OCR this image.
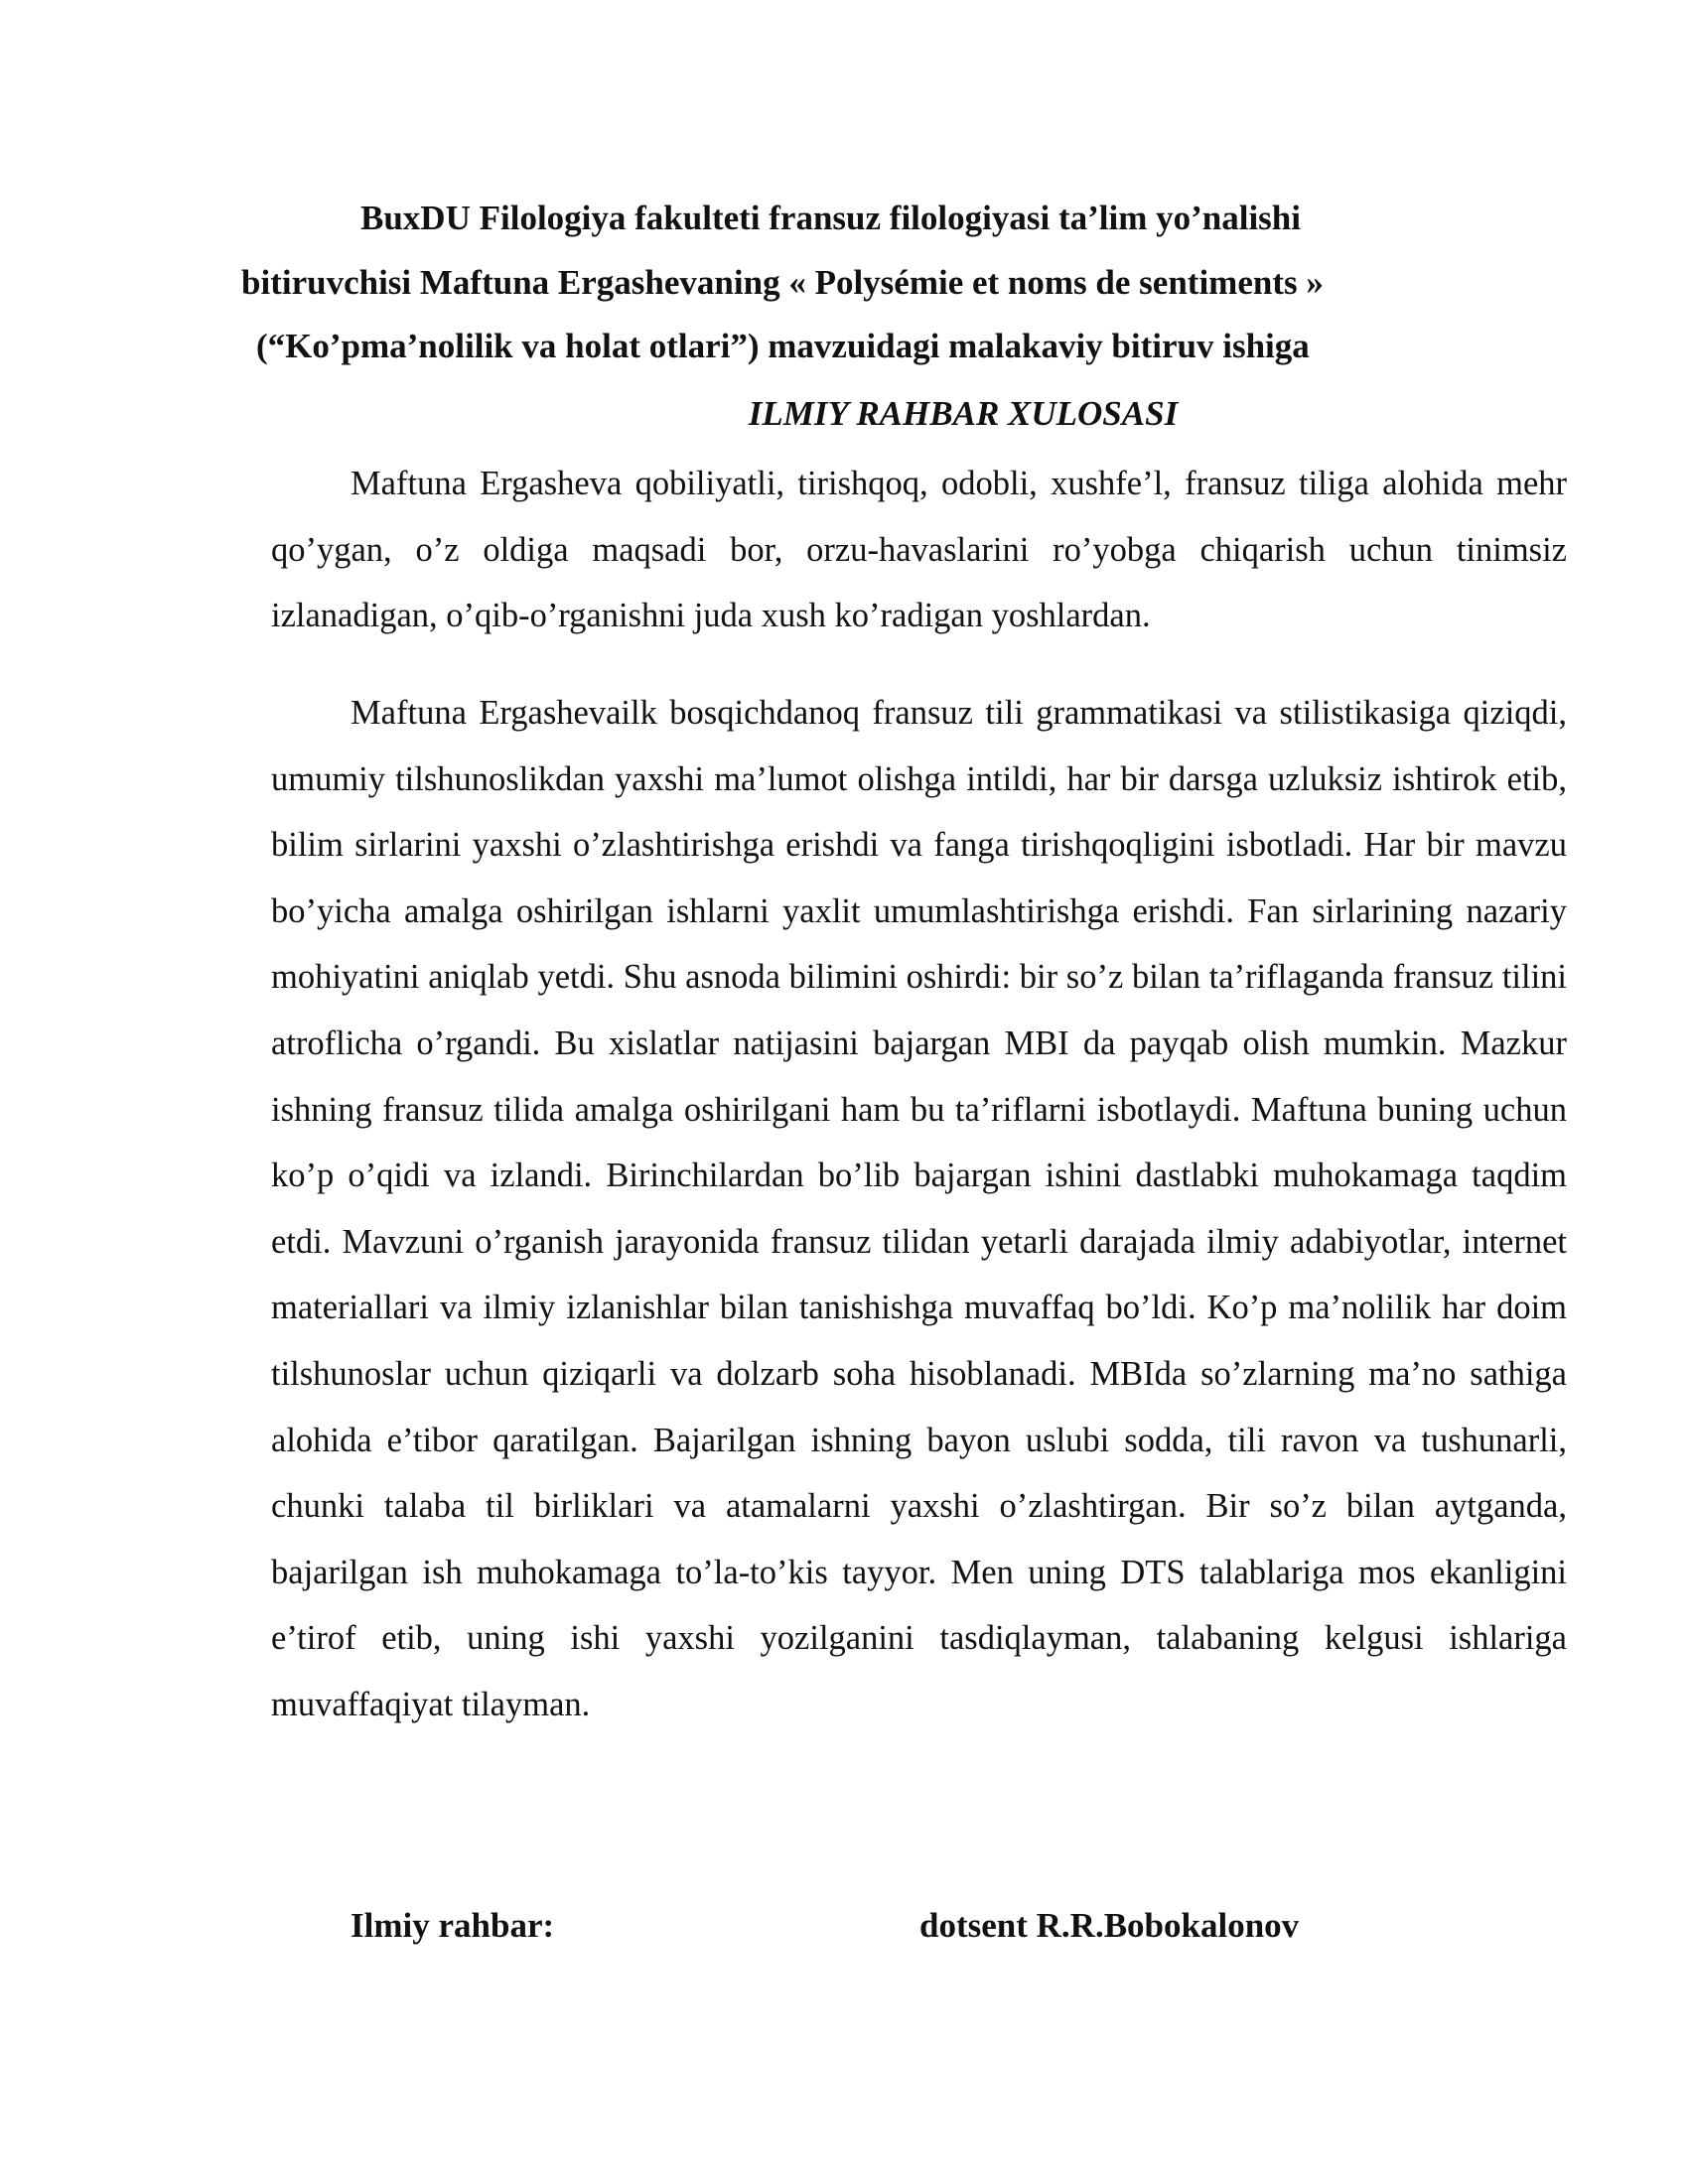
BuxDU Filologiya fakulteti fransuz filologiyasi ta’lim yo’nalishi
bitiruvchisi Maftuna Ergashevaning « Polysémie et noms de sentiments »
(“Ko’pma’nolilik va holat otlari”) mavzuidagi malakaviy bitiruv ishiga
ILMIY RAHBAR XULOSASI

Maftuna Ergasheva qobiliyatli, tirishqoq, odobli, xushfe’l, fransuz tiliga alohida mehr qo’ygan, o’z oldiga maqsadi bor, orzu-havaslarini ro’yobga chiqarish uchun tinimsiz izlanadigan, o’qib-o’rganishni juda xush ko’radigan yoshlardan.

Maftuna Ergashevailk bosqichdanoq fransuz tili grammatikasi va stilistikasiga qiziqdi, umumiy tilshunoslikdan yaxshi ma’lumot olishga intildi, har bir darsga uzluksiz ishtirok etib, bilim sirlarini yaxshi o’zlashtirishga erishdi va fanga tirishqoqligini isbotladi. Har bir mavzu bo’yicha amalga oshirilgan ishlarni yaxlit umumlashtirishga erishdi. Fan sirlarining nazariy mohiyatini aniqlab yetdi. Shu asnoda bilimini oshirdi: bir so’z bilan ta’riflaganda fransuz tilini atroflicha o’rgandi. Bu xislatlar natijasini bajargan MBI da payqab olish mumkin. Mazkur ishning fransuz tilida amalga oshirilgani ham bu ta’riflarni isbotlaydi. Maftuna buning uchun ko’p o’qidi va izlandi. Birinchilardan bo’lib bajargan ishini dastlabki muhokamaga taqdim etdi. Mavzuni o’rganish jarayonida fransuz tilidan yetarli darajada ilmiy adabiyotlar, internet materiallari va ilmiy izlanishlar bilan tanishishga muvaffaq bo’ldi. Ko’p ma’nolilik har doim tilshunoslar uchun qiziqarli va dolzarb soha hisoblanadi. MBIda so’zlarning ma’no sathiga alohida e’tibor qaratilgan. Bajarilgan ishning bayon uslubi sodda, tili ravon va tushunarli, chunki talaba til birliklari va atamalarni yaxshi o’zlashtirgan. Bir so’z bilan aytganda, bajarilgan ish muhokamaga to’la-to’kis tayyor. Men uning DTS talablariga mos ekanligini e’tirof etib, uning ishi yaxshi yozilganini tasdiqlayman, talabaning kelgusi ishlariga muvaffaqiyat tilayman.

Ilmiy rahbar:	dotsent R.R.Bobokalonov
